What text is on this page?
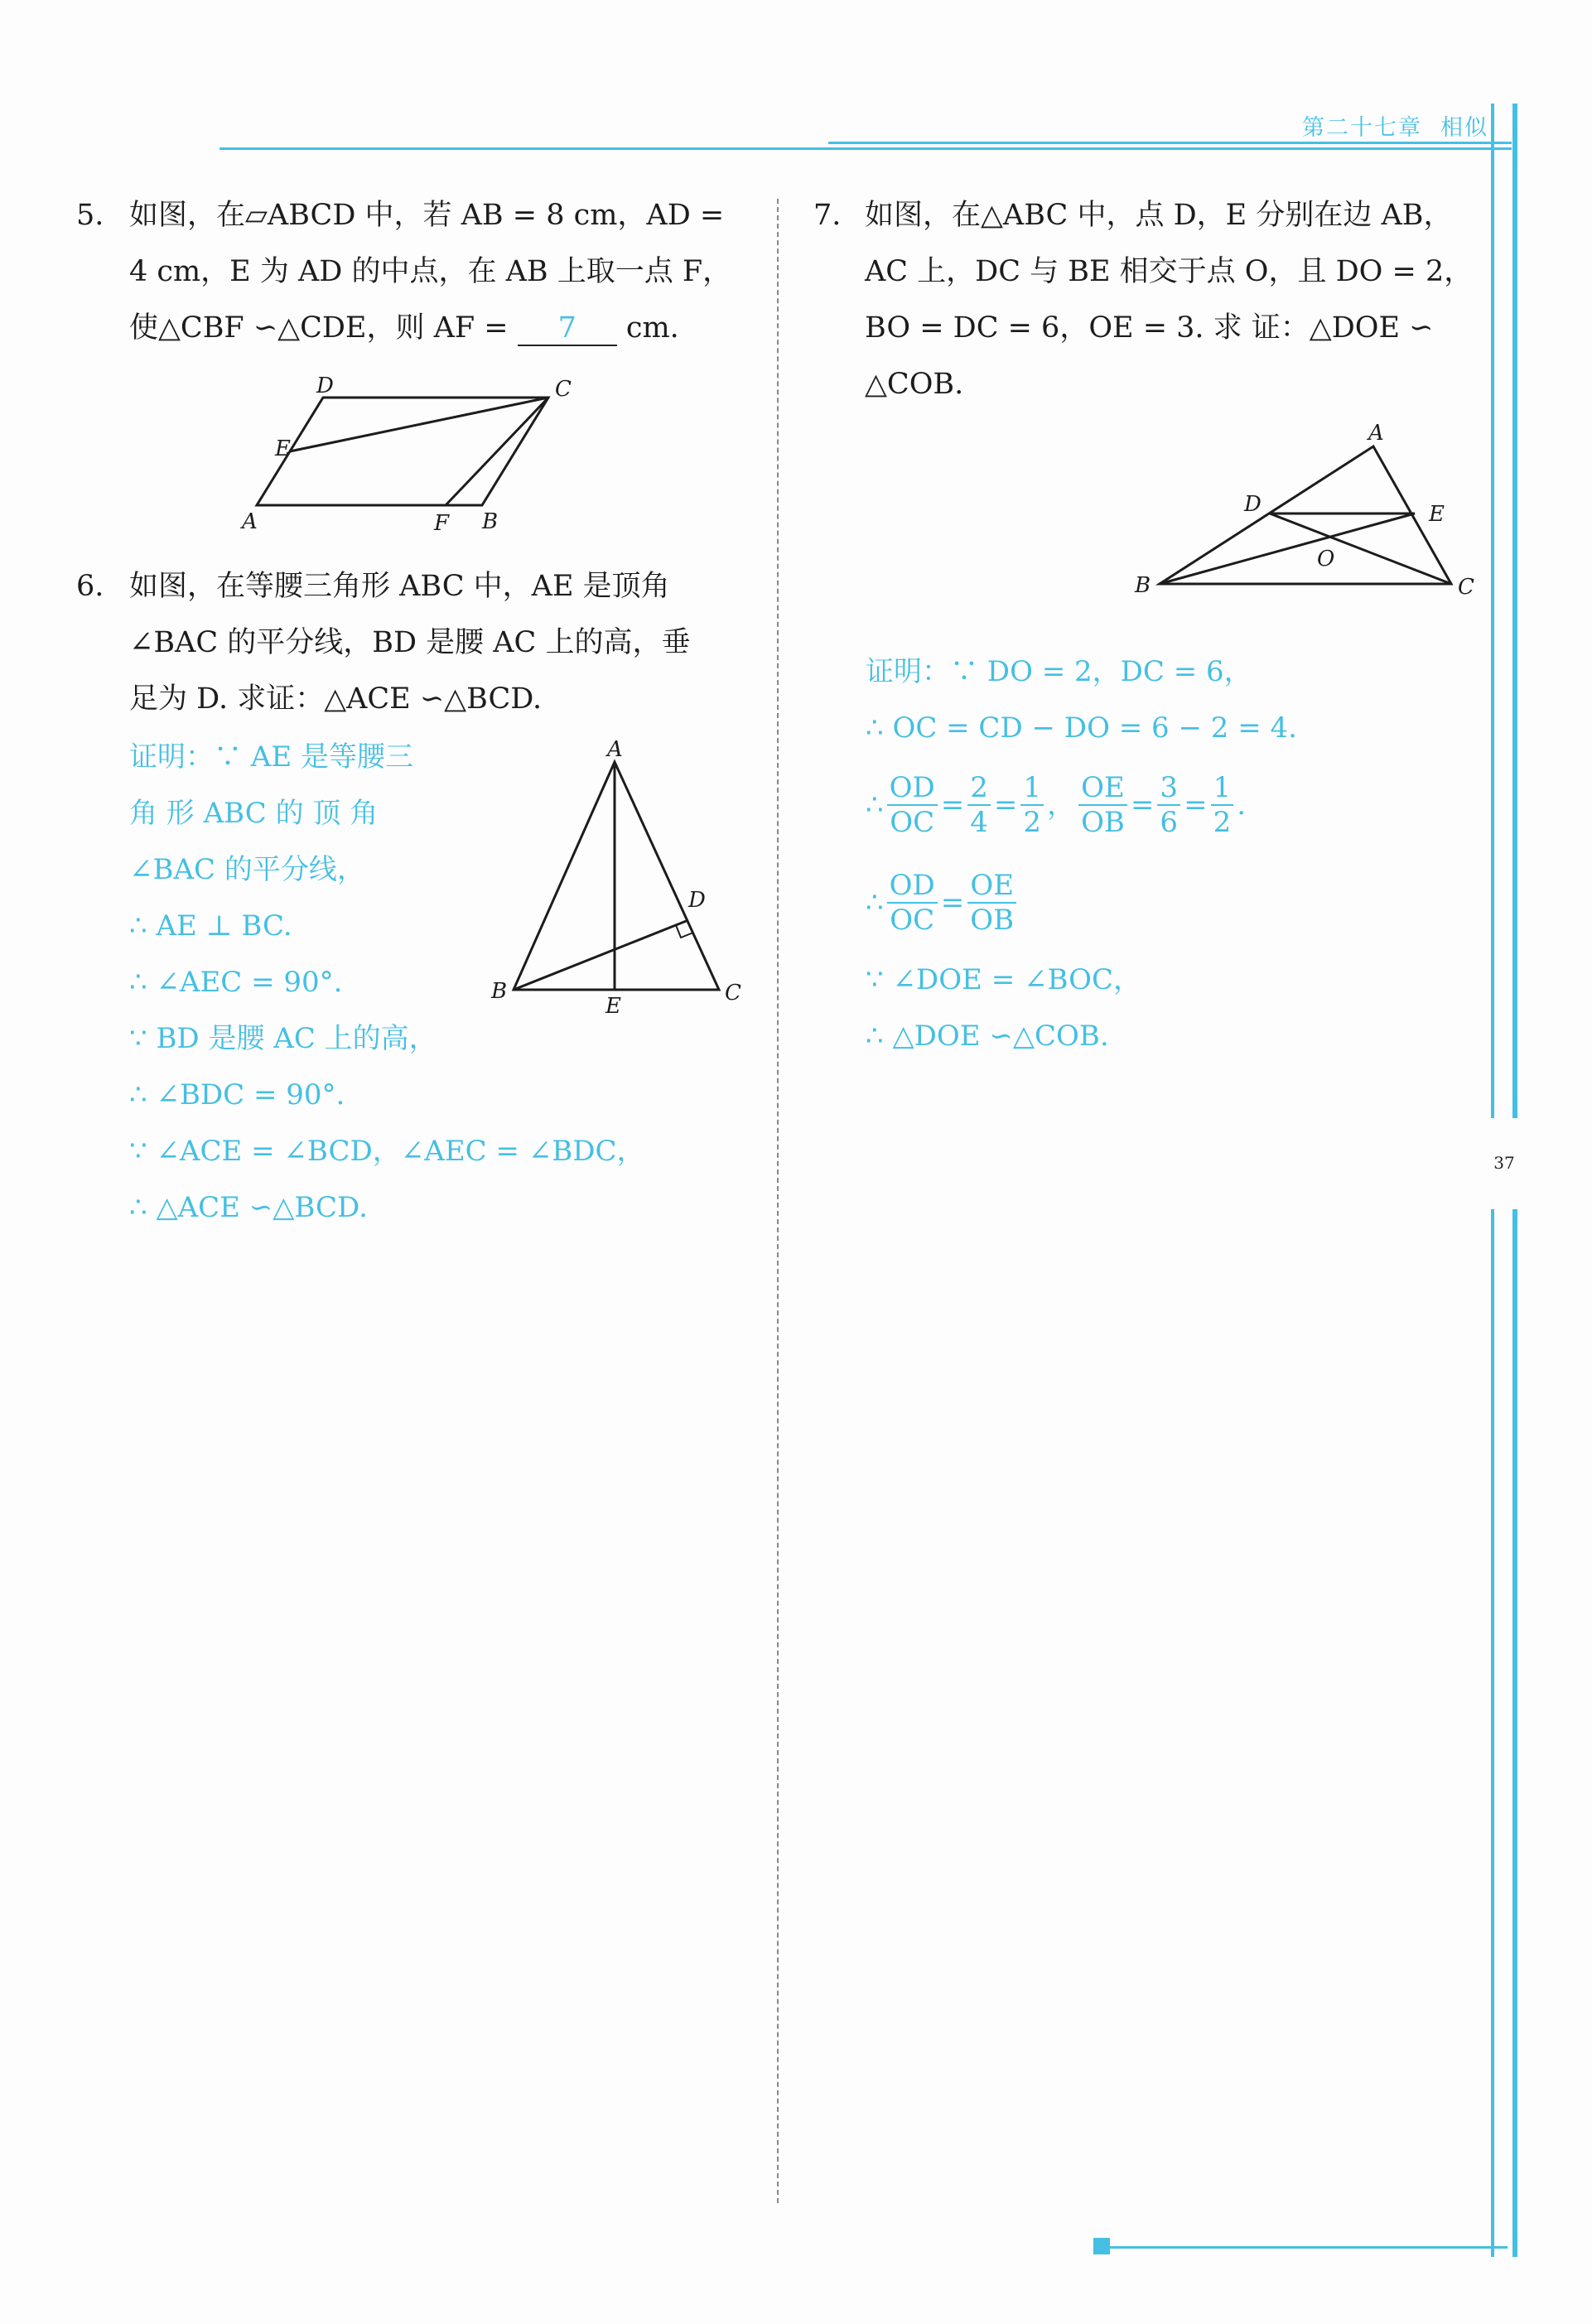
第二十七章 相似
37
5. 如图，在▱ABCD 中，若 AB = 8 cm，AD =
4 cm，E 为 AD 的中点，在 AB 上取一点 F，
使△CBF ∽△CDE，则 AF = 7 cm.
A	B
C
D
E
F
6. 如图，在等腰三角形 ABC 中，AE 是顶角
∠BAC 的平分线，BD 是腰 AC 上的高，垂
足为 D. 求证：△ACE ∽△BCD.
证明：∵ AE 是等腰三
角 形 ABC 的 顶 角
∠BAC 的平分线，
∴ AE ⊥ BC.
∴ ∠AEC = 90°.
∵ BD 是腰 AC 上的高，
∴ ∠BDC = 90°.
∵ ∠ACE = ∠BCD，∠AEC = ∠BDC，
∴ △ACE ∽△BCD.
A
B	C
D
E
7. 如图，在△ABC 中，点 D，E 分别在边 AB，
AC 上，DC 与 BE 相交于点 O，且 DO = 2，
BO = DC = 6，OE = 3. 求 证：△DOE ∽
△COB.
A
B	C
D	E
O
证明：∵ DO = 2，DC = 6，
∴ OC = CD − DO = 6 − 2 = 4.
∴ $\frac{OD}{OC} = \frac{2}{4} = \frac{1}{2}$ ， $\frac{OE}{OB} = \frac{3}{6} = \frac{1}{2}$ .
∴ $\frac{OD}{OC} = \frac{OE}{OB}$
∵ ∠DOE = ∠BOC，
∴ △DOE ∽△COB.
